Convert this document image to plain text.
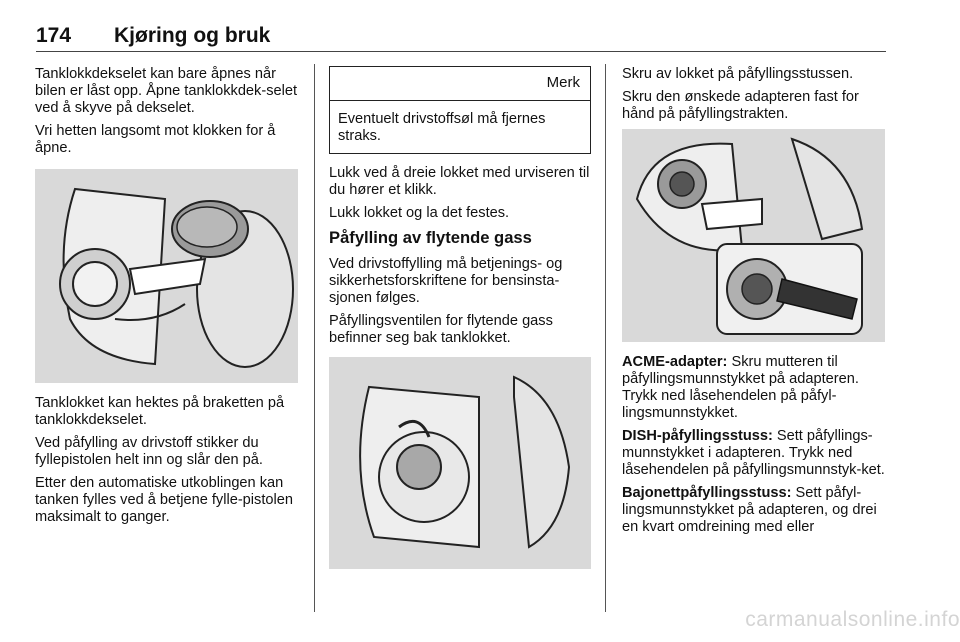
174 Kjøring og bruk

Tanklokkdekselet kan bare åpnes når bilen er låst opp. Åpne tanklokkdek-selet ved å skyve på dekselet.

Vri hetten langsomt mot klokken for å åpne.

Tanklokket kan hektes på braketten på tanklokkdekselet.

Ved påfylling av drivstoff stikker du fyllepistolen helt inn og slår den på.

Etter den automatiske utkoblingen kan tanken fylles ved å betjene fylle-pistolen maksimalt to ganger.

Merk
Eventuelt drivstoffsøl må fjernes straks.

Lukk ved å dreie lokket med urviseren til du hører et klikk.

Lukk lokket og la det festes.

Påfylling av flytende gass

Ved drivstoffylling må betjenings- og sikkerhetsforskriftene for bensinsta-sjonen følges.

Påfyllingsventilen for flytende gass befinner seg bak tanklokket.

Skru av lokket på påfyllingsstussen.

Skru den ønskede adapteren fast for hånd på påfyllingstrakten.

ACME-adapter: Skru mutteren til påfyllingsmunnstykket på adapteren. Trykk ned låsehendelen på påfyl-lingsmunnstykket.

DISH-påfyllingsstuss: Sett påfyllings-munnstykket i adapteren. Trykk ned låsehendelen på påfyllingsmunnstyk-ket.

Bajonettpåfyllingsstuss: Sett påfyl-lingsmunnstykket på adapteren, og drei en kvart omdreining med eller

carmanualsonline.info
